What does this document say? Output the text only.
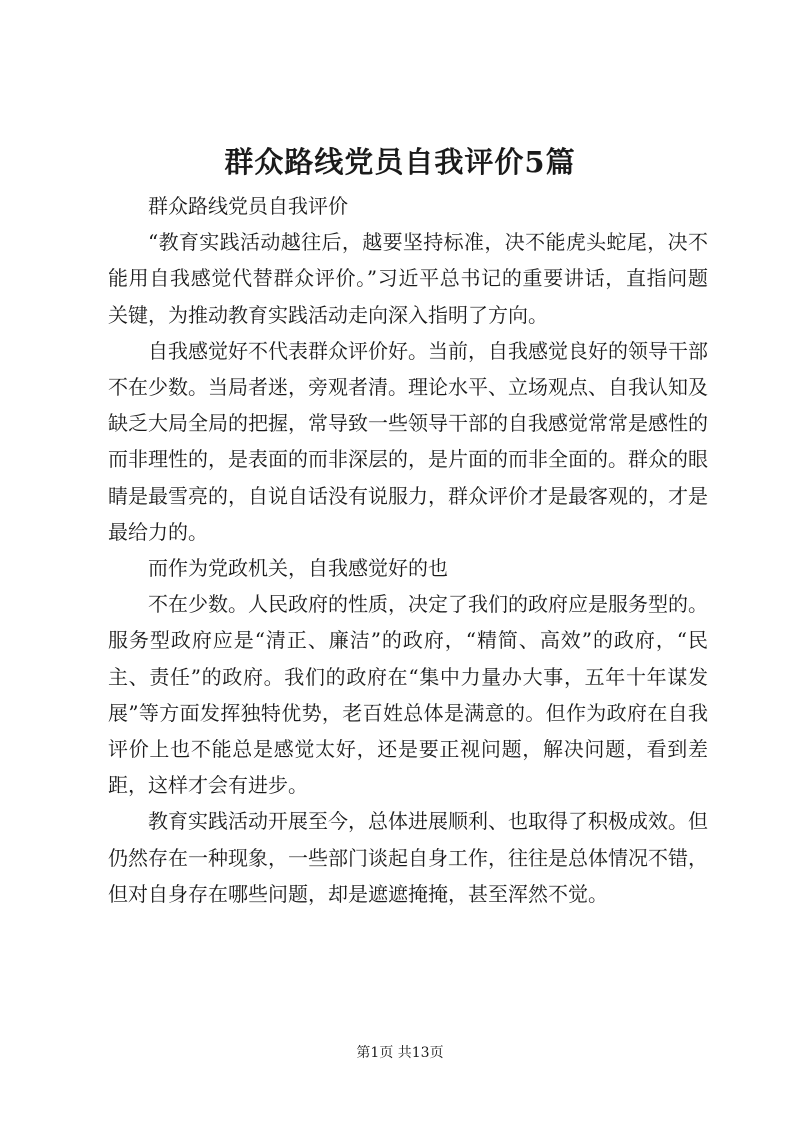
群众路线党员自我评价5篇

群众路线党员自我评价

“教育实践活动越往后，越要坚持标准，决不能虎头蛇尾，决不能用自我感觉代替群众评价。”习近平总书记的重要讲话，直指问题关键，为推动教育实践活动走向深入指明了方向。

自我感觉好不代表群众评价好。当前，自我感觉良好的领导干部不在少数。当局者迷，旁观者清。理论水平、立场观点、自我认知及缺乏大局全局的把握，常导致一些领导干部的自我感觉常常是感性的而非理性的，是表面的而非深层的，是片面的而非全面的。群众的眼睛是最雪亮的，自说自话没有说服力，群众评价才是最客观的，才是最给力的。

而作为党政机关，自我感觉好的也

不在少数。人民政府的性质，决定了我们的政府应是服务型的。服务型政府应是“清正、廉洁”的政府，“精简、高效”的政府，“民主、责任”的政府。我们的政府在“集中力量办大事，五年十年谋发展”等方面发挥独特优势，老百姓总体是满意的。但作为政府在自我评价上也不能总是感觉太好，还是要正视问题，解决问题，看到差距，这样才会有进步。

教育实践活动开展至今，总体进展顺利、也取得了积极成效。但仍然存在一种现象，一些部门谈起自身工作，往往是总体情况不错，但对自身存在哪些问题，却是遮遮掩掩，甚至浑然不觉。

第1页 共13页
